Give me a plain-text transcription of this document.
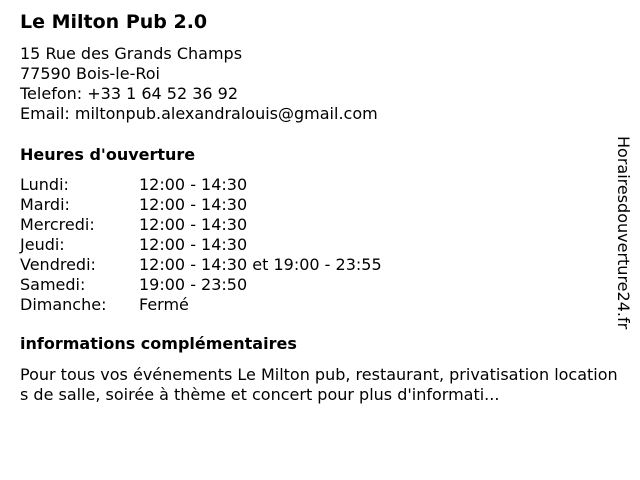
Le Milton Pub 2.0
15 Rue des Grands Champs
77590 Bois-le-Roi
Telefon: +33 1 64 52 36 92
Email: miltonpub.alexandralouis@gmail.com
Heures d'ouverture
Lundi:	12:00 - 14:30
Mardi:	12:00 - 14:30
Mercredi:	12:00 - 14:30
Jeudi:	12:00 - 14:30
Vendredi:	12:00 - 14:30 et 19:00 - 23:55
Samedi:	19:00 - 23:50
Dimanche:	Fermé
informations complémentaires
Pour tous vos événements Le Milton pub, restaurant, privatisation locations de salle, soirée à thème et concert pour plus d'informati...
Horairesdouverture24.fr
